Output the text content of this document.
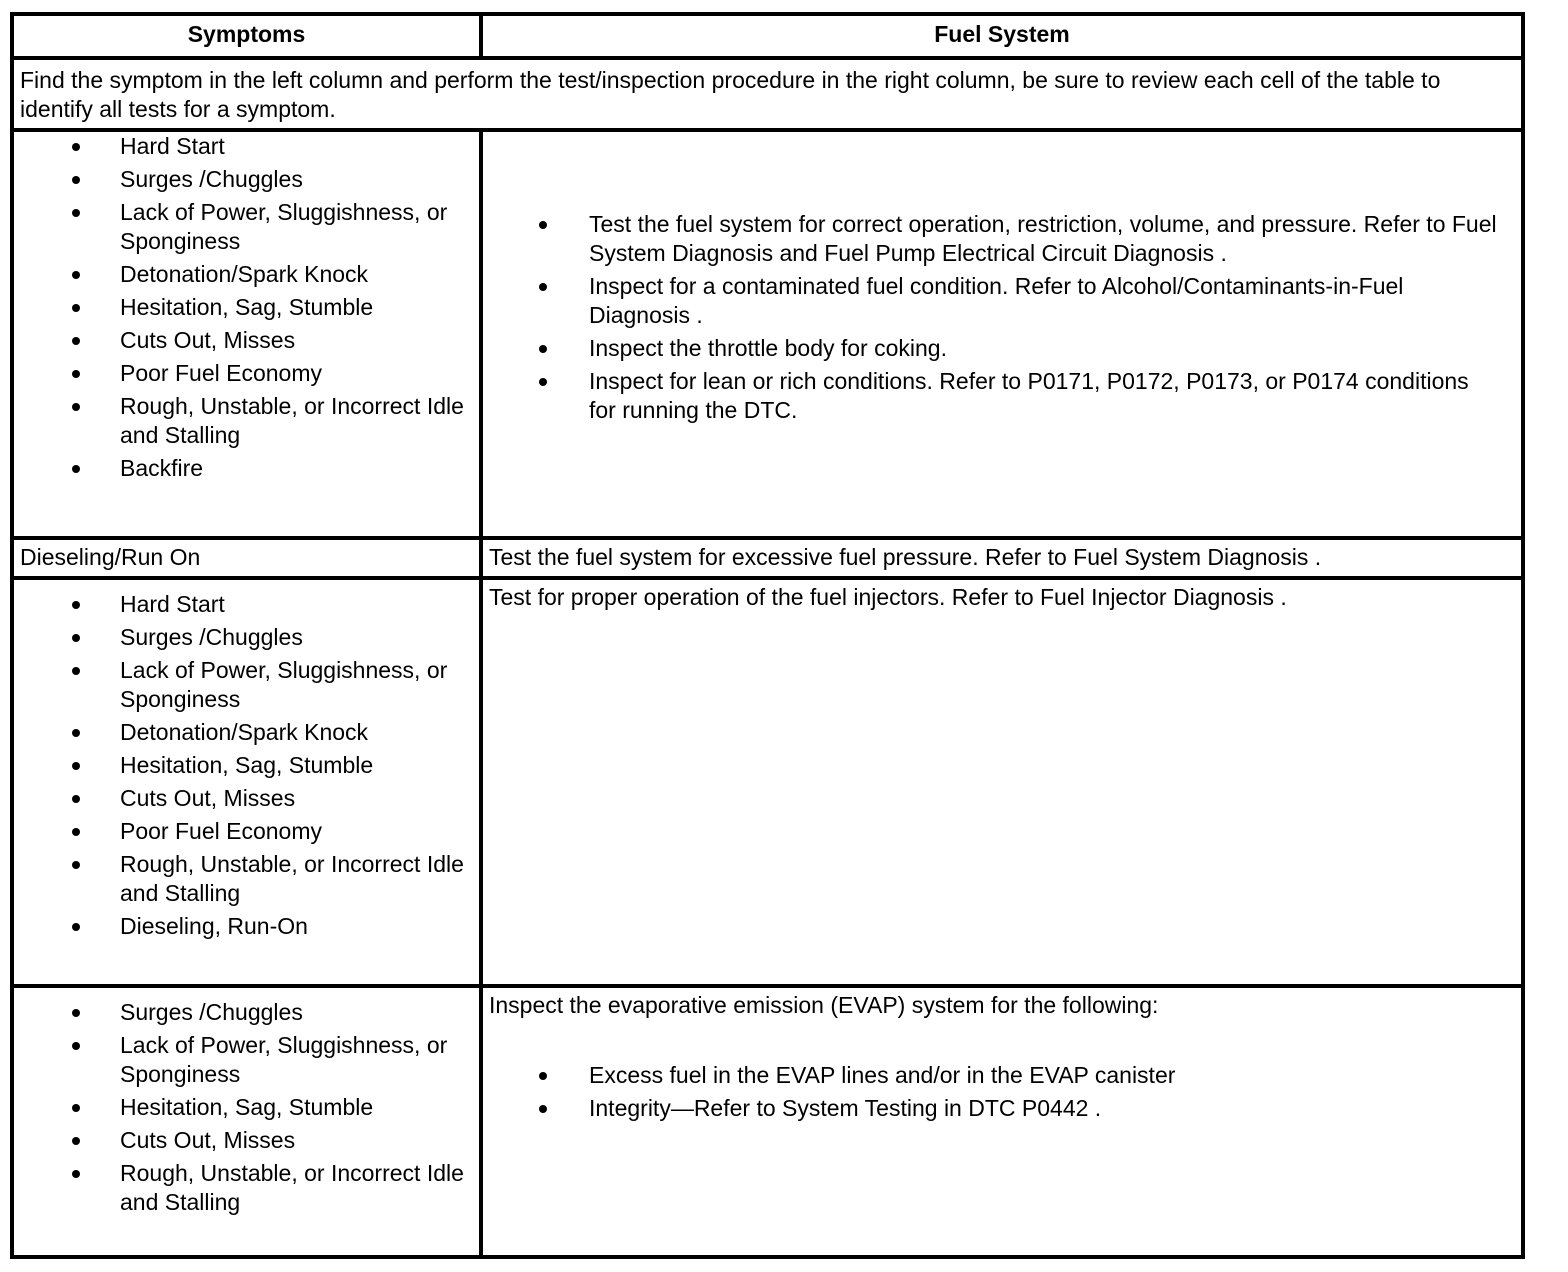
Symptoms	Fuel System
Find the symptom in the left column and perform the test/inspection procedure in the right column, be sure to review each cell of the table to identify all tests for a symptom.
Hard Start
Surges /Chuggles
Lack of Power, Sluggishness, or Sponginess
Detonation/Spark Knock
Hesitation, Sag, Stumble
Cuts Out, Misses
Poor Fuel Economy
Rough, Unstable, or Incorrect Idle and Stalling
Backfire
Test the fuel system for correct operation, restriction, volume, and pressure. Refer to Fuel System Diagnosis and Fuel Pump Electrical Circuit Diagnosis .
Inspect for a contaminated fuel condition. Refer to Alcohol/Contaminants-in-Fuel Diagnosis .
Inspect the throttle body for coking.
Inspect for lean or rich conditions. Refer to P0171, P0172, P0173, or P0174 conditions for running the DTC.
Dieseling/Run On	Test the fuel system for excessive fuel pressure. Refer to Fuel System Diagnosis .
Hard Start
Surges /Chuggles
Lack of Power, Sluggishness, or Sponginess
Detonation/Spark Knock
Hesitation, Sag, Stumble
Cuts Out, Misses
Poor Fuel Economy
Rough, Unstable, or Incorrect Idle and Stalling
Dieseling, Run-On
Test for proper operation of the fuel injectors. Refer to Fuel Injector Diagnosis .
Surges /Chuggles
Lack of Power, Sluggishness, or Sponginess
Hesitation, Sag, Stumble
Cuts Out, Misses
Rough, Unstable, or Incorrect Idle and Stalling
Inspect the evaporative emission (EVAP) system for the following:
Excess fuel in the EVAP lines and/or in the EVAP canister
Integrity—Refer to System Testing in DTC P0442 .
